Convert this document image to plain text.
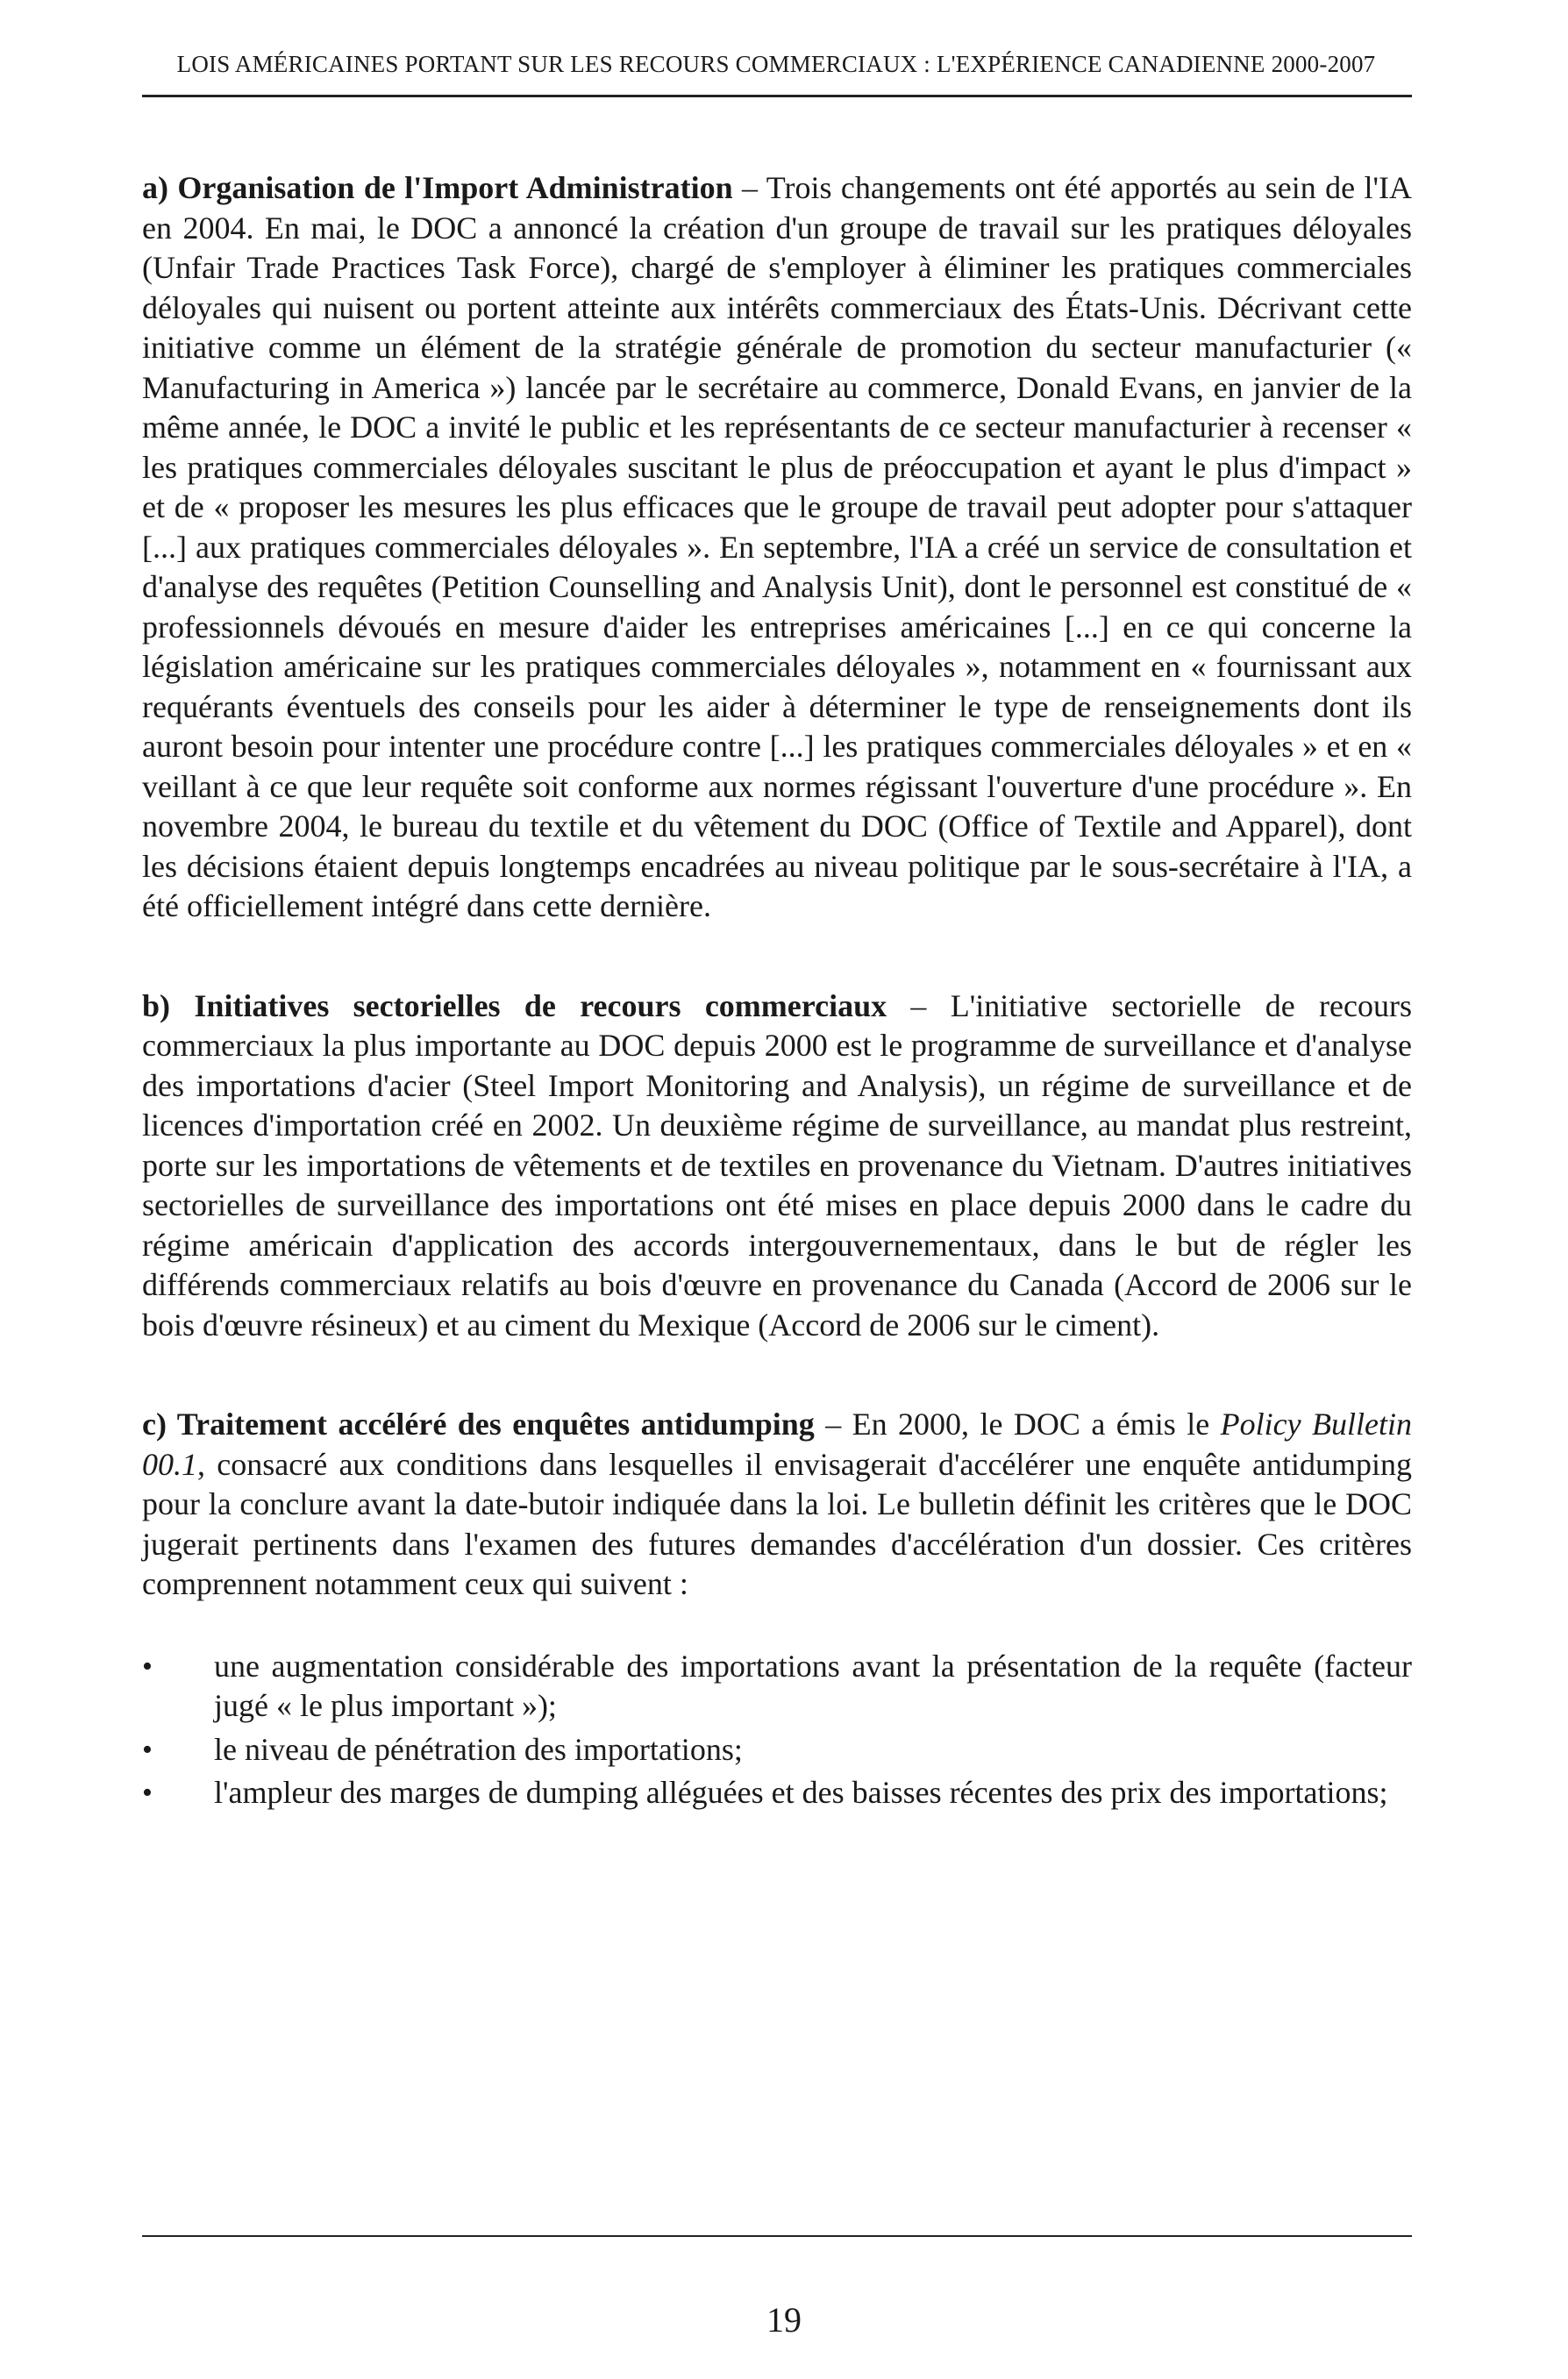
LOIS AMÉRICAINES PORTANT SUR LES RECOURS COMMERCIAUX : L'EXPÉRIENCE CANADIENNE 2000-2007

a) Organisation de l'Import Administration – Trois changements ont été apportés au sein de l'IA en 2004. En mai, le DOC a annoncé la création d'un groupe de travail sur les pratiques déloyales (Unfair Trade Practices Task Force), chargé de s'employer à éliminer les pratiques commerciales déloyales qui nuisent ou portent atteinte aux intérêts commerciaux des États-Unis. Décrivant cette initiative comme un élément de la stratégie générale de promotion du secteur manufacturier (« Manufacturing in America ») lancée par le secrétaire au commerce, Donald Evans, en janvier de la même année, le DOC a invité le public et les représentants de ce secteur manufacturier à recenser « les pratiques commerciales déloyales suscitant le plus de préoccupation et ayant le plus d'impact » et de « proposer les mesures les plus efficaces que le groupe de travail peut adopter pour s'attaquer [...] aux pratiques commerciales déloyales ». En septembre, l'IA a créé un service de consultation et d'analyse des requêtes (Petition Counselling and Analysis Unit), dont le personnel est constitué de « professionnels dévoués en mesure d'aider les entreprises américaines [...] en ce qui concerne la législation américaine sur les pratiques commerciales déloyales », notamment en « fournissant aux requérants éventuels des conseils pour les aider à déterminer le type de renseignements dont ils auront besoin pour intenter une procédure contre [...] les pratiques commerciales déloyales » et en « veillant à ce que leur requête soit conforme aux normes régissant l'ouverture d'une procédure ». En novembre 2004, le bureau du textile et du vêtement du DOC (Office of Textile and Apparel), dont les décisions étaient depuis longtemps encadrées au niveau politique par le sous-secrétaire à l'IA, a été officiellement intégré dans cette dernière.

b) Initiatives sectorielles de recours commerciaux – L'initiative sectorielle de recours commerciaux la plus importante au DOC depuis 2000 est le programme de surveillance et d'analyse des importations d'acier (Steel Import Monitoring and Analysis), un régime de surveillance et de licences d'importation créé en 2002. Un deuxième régime de surveillance, au mandat plus restreint, porte sur les importations de vêtements et de textiles en provenance du Vietnam. D'autres initiatives sectorielles de surveillance des importations ont été mises en place depuis 2000 dans le cadre du régime américain d'application des accords intergouvernementaux, dans le but de régler les différends commerciaux relatifs au bois d'œuvre en provenance du Canada (Accord de 2006 sur le bois d'œuvre résineux) et au ciment du Mexique (Accord de 2006 sur le ciment).

c) Traitement accéléré des enquêtes antidumping – En 2000, le DOC a émis le Policy Bulletin 00.1, consacré aux conditions dans lesquelles il envisagerait d'accélérer une enquête antidumping pour la conclure avant la date-butoir indiquée dans la loi. Le bulletin définit les critères que le DOC jugerait pertinents dans l'examen des futures demandes d'accélération d'un dossier. Ces critères comprennent notamment ceux qui suivent :

• une augmentation considérable des importations avant la présentation de la requête (facteur jugé « le plus important »);
• le niveau de pénétration des importations;
• l'ampleur des marges de dumping alléguées et des baisses récentes des prix des importations;
19
